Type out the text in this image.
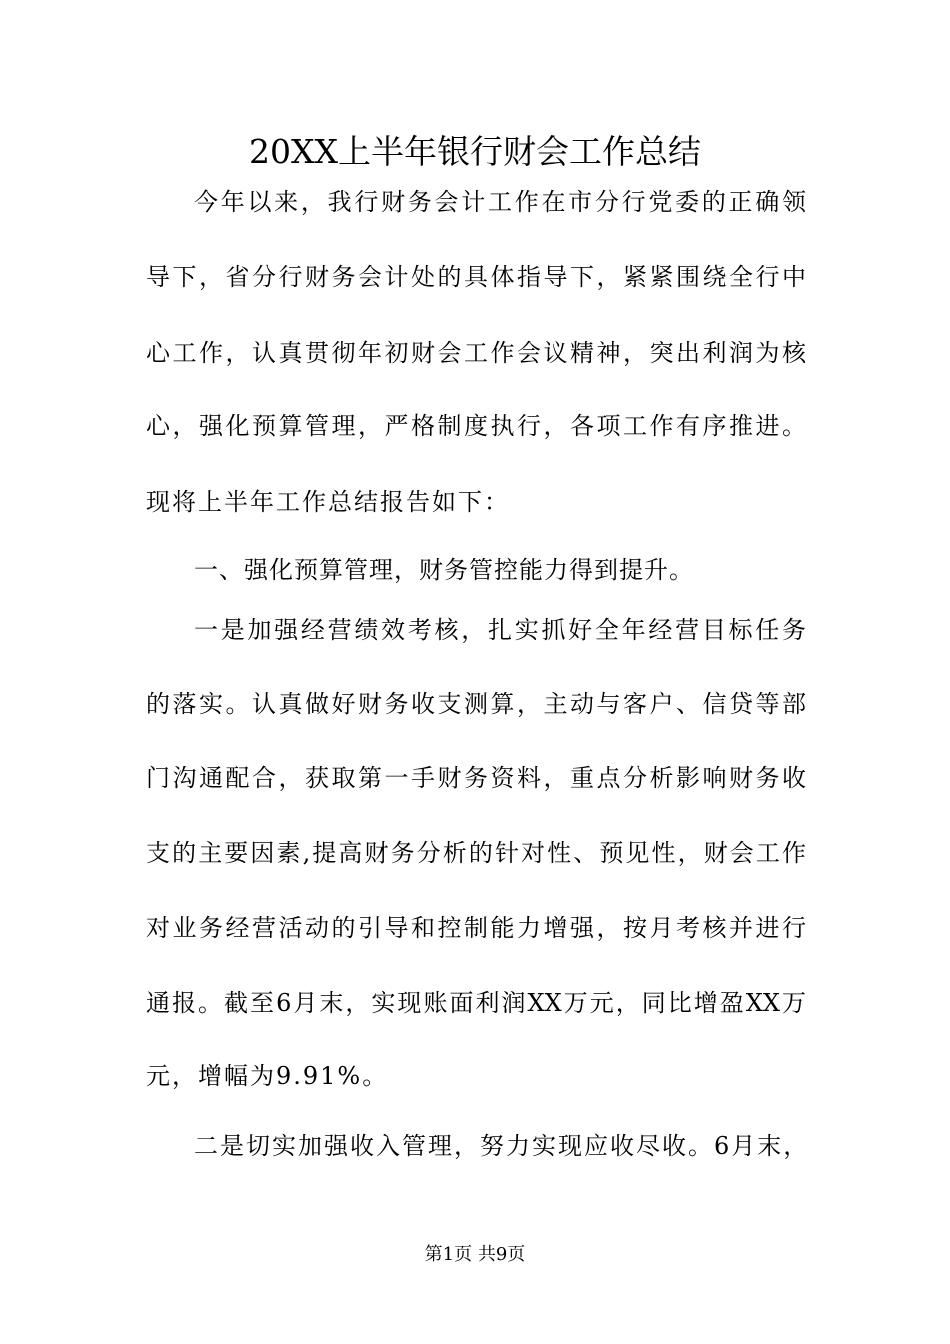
20XX上半年银行财会工作总结
今年以来，我行财务会计工作在市分行党委的正确领
导下，省分行财务会计处的具体指导下，紧紧围绕全行中
心工作，认真贯彻年初财会工作会议精神，突出利润为核
心，强化预算管理，严格制度执行，各项工作有序推进。
现将上半年工作总结报告如下：
一、强化预算管理，财务管控能力得到提升。
一是加强经营绩效考核，扎实抓好全年经营目标任务
的落实。认真做好财务收支测算，主动与客户、信贷等部
门沟通配合，获取第一手财务资料，重点分析影响财务收
支的主要因素,提高财务分析的针对性、预见性，财会工作
对业务经营活动的引导和控制能力增强，按月考核并进行
通报。截至6月末，实现账面利润XX万元，同比增盈XX万
元，增幅为9.91%。
二是切实加强收入管理，努力实现应收尽收。6月末，
第1页 共9页
